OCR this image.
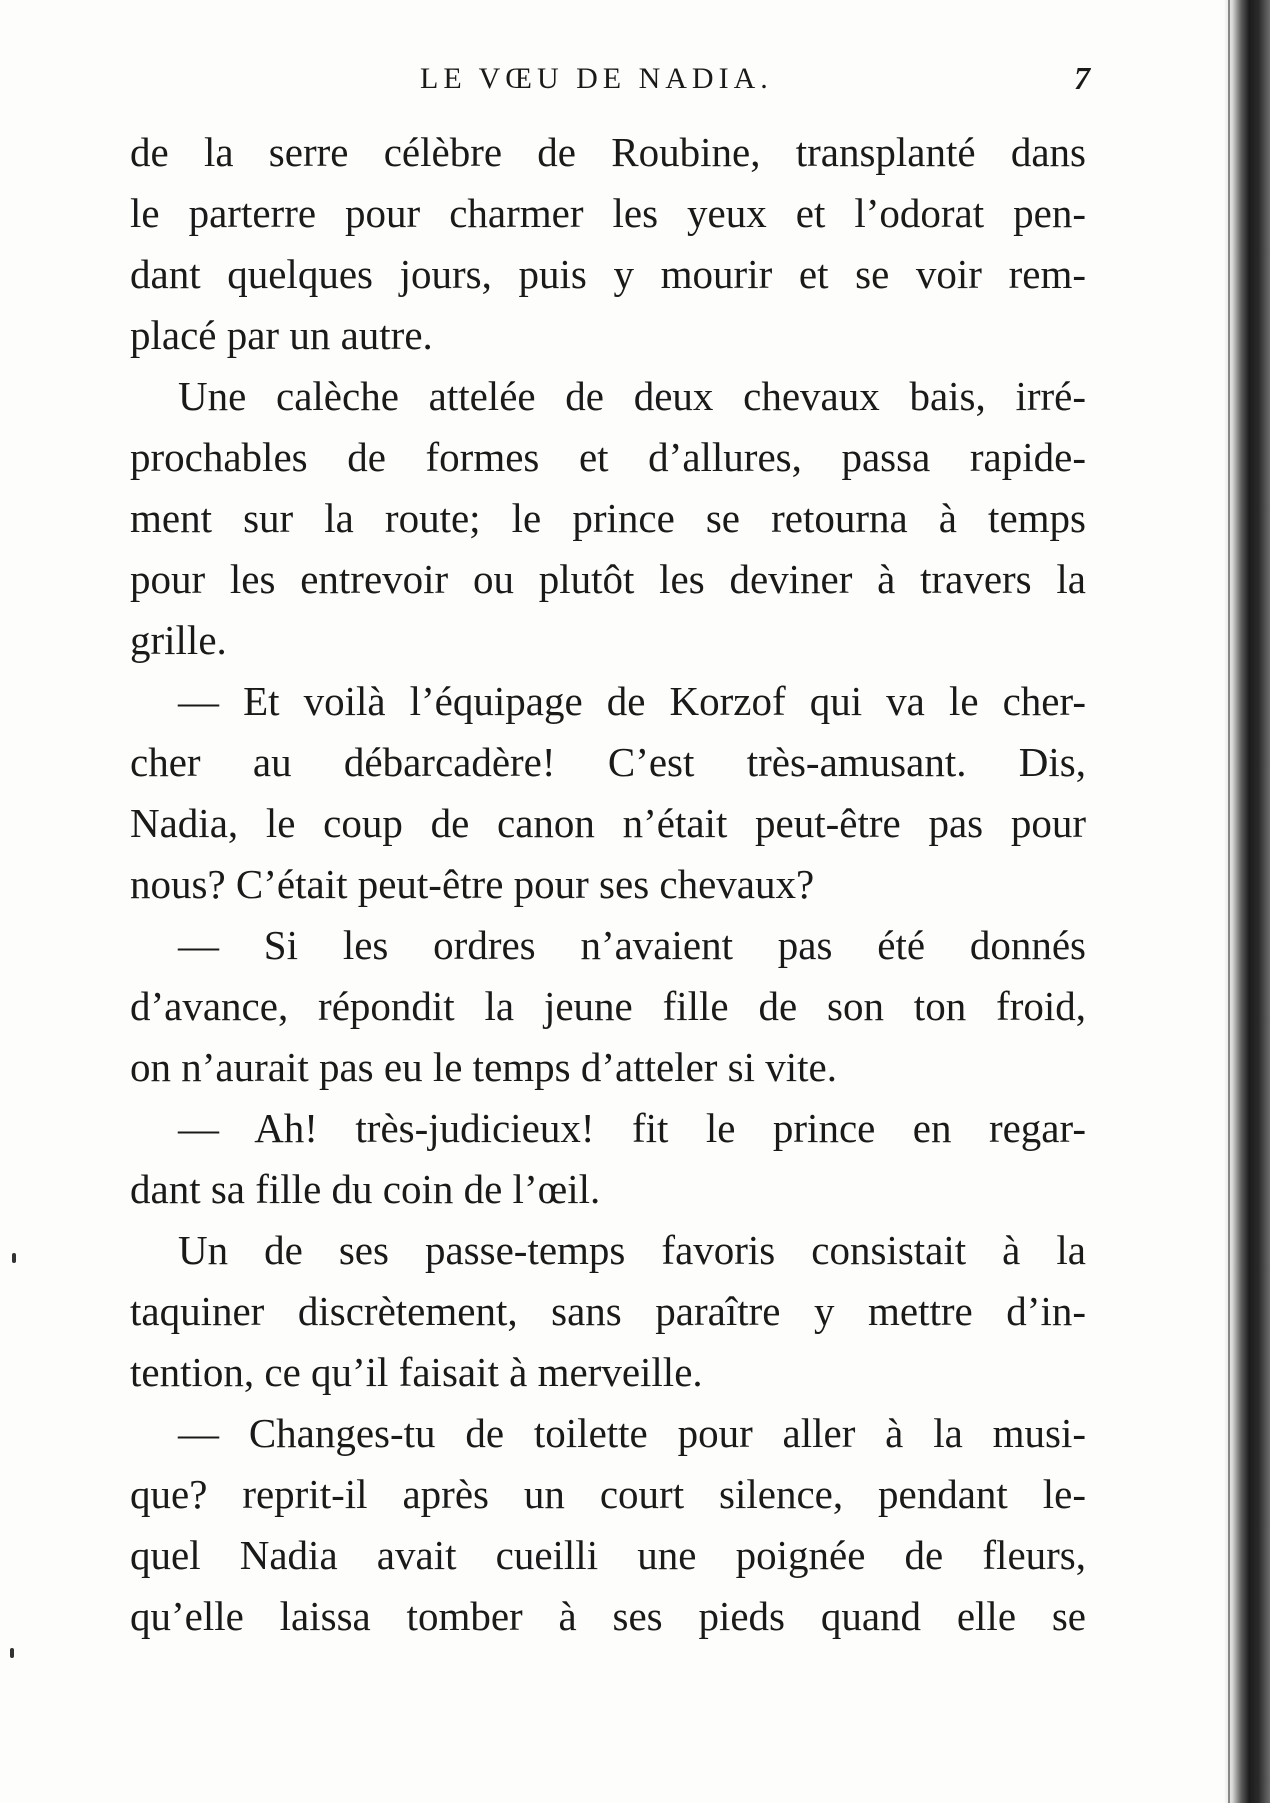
LE VŒU DE NADIA.	7
de la serre célèbre de Roubine, transplanté dans
le parterre pour charmer les yeux et l’odorat pen-
dant quelques jours, puis y mourir et se voir rem-
placé par un autre.
Une calèche attelée de deux chevaux bais, irré-
prochables de formes et d’allures, passa rapide-
ment sur la route; le prince se retourna à temps
pour les entrevoir ou plutôt les deviner à travers la
grille.
— Et voilà l’équipage de Korzof qui va le cher-
cher au débarcadère! C’est très-amusant. Dis,
Nadia, le coup de canon n’était peut-être pas pour
nous? C’était peut-être pour ses chevaux?
— Si les ordres n’avaient pas été donnés
d’avance, répondit la jeune fille de son ton froid,
on n’aurait pas eu le temps d’atteler si vite.
— Ah! très-judicieux! fit le prince en regar-
dant sa fille du coin de l’œil.
Un de ses passe-temps favoris consistait à la
taquiner discrètement, sans paraître y mettre d’in-
tention, ce qu’il faisait à merveille.
— Changes-tu de toilette pour aller à la musi-
que? reprit-il après un court silence, pendant le-
quel Nadia avait cueilli une poignée de fleurs,
qu’elle laissa tomber à ses pieds quand elle se
